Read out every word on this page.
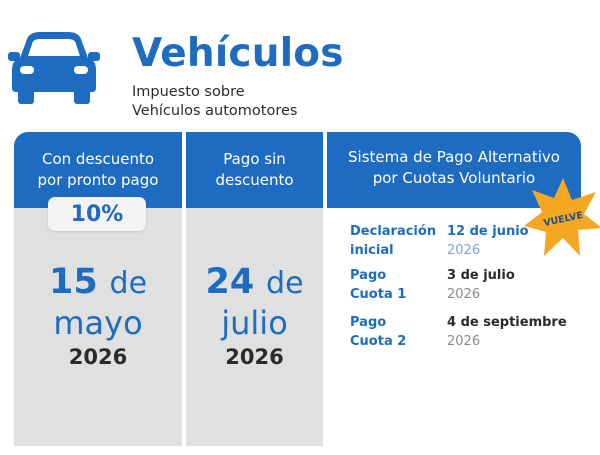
Vehículos
Impuesto sobre
Vehículos automotores
Con descuento
por pronto pago
Pago sin
descuento
Sistema de Pago Alternativo
por Cuotas Voluntario
10%
15 de
mayo
2026
24 de
julio
2026
Declaración
inicial
12 de junio
2026
Pago
Cuota 1
3 de julio
2026
Pago
Cuota 2
4 de septiembre
2026
VUELVE
